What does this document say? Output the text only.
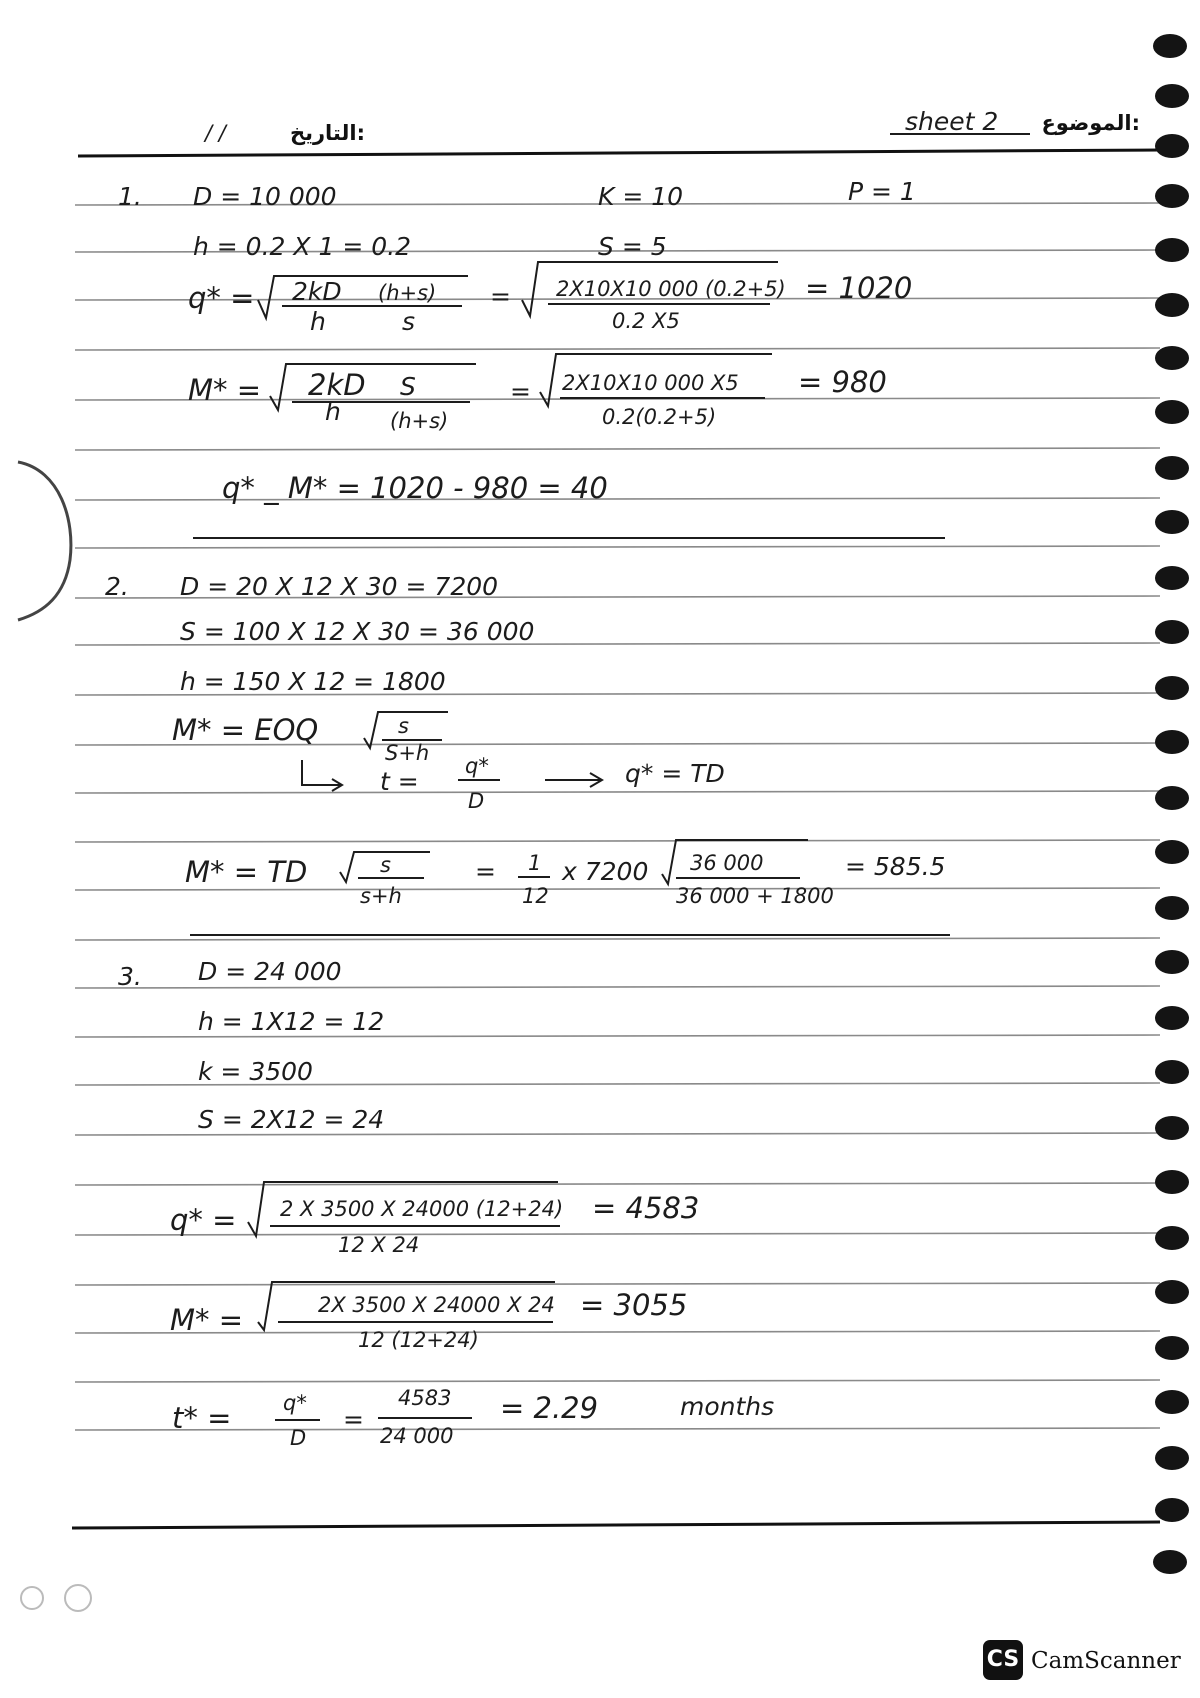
الموضوع:
sheet 2
التاريخ:
/ /
1. D = 10 000	K = 10	P = 1
h = 0.2 X 1 = 0.2	S = 5
q* = 2kD (h+s)
h	s
= 2X10X10 000 (0.2+5)
0.2 X5
= 1020
M* = 2kD S
h (h+s)
= 2X10X10 000 X5
0.2(0.2+5)
= 980
q* _ M* = 1020 - 980 = 40
2. D = 20 X 12 X 30 = 7200
S = 100 X 12 X 30 = 36 000
h = 150 X 12 = 1800
M* = EOQ	s
S+h
t =
q*
D
q* = TD
M* = TD	s
s+h
= 1
12
x 7200 36 000
36 000 + 1800
= 585.5
3. D = 24 000
h = 1X12 = 12
k = 3500
S = 2X12 = 24
q* = 2 X 3500 X 24000 (12+24)
12 X 24
= 4583
M* =	2X 3500 X 24000 X 24
12 (12+24)
= 3055
t* = q*
D
=
4583
24 000
= 2.29	months
CS CamScanner
